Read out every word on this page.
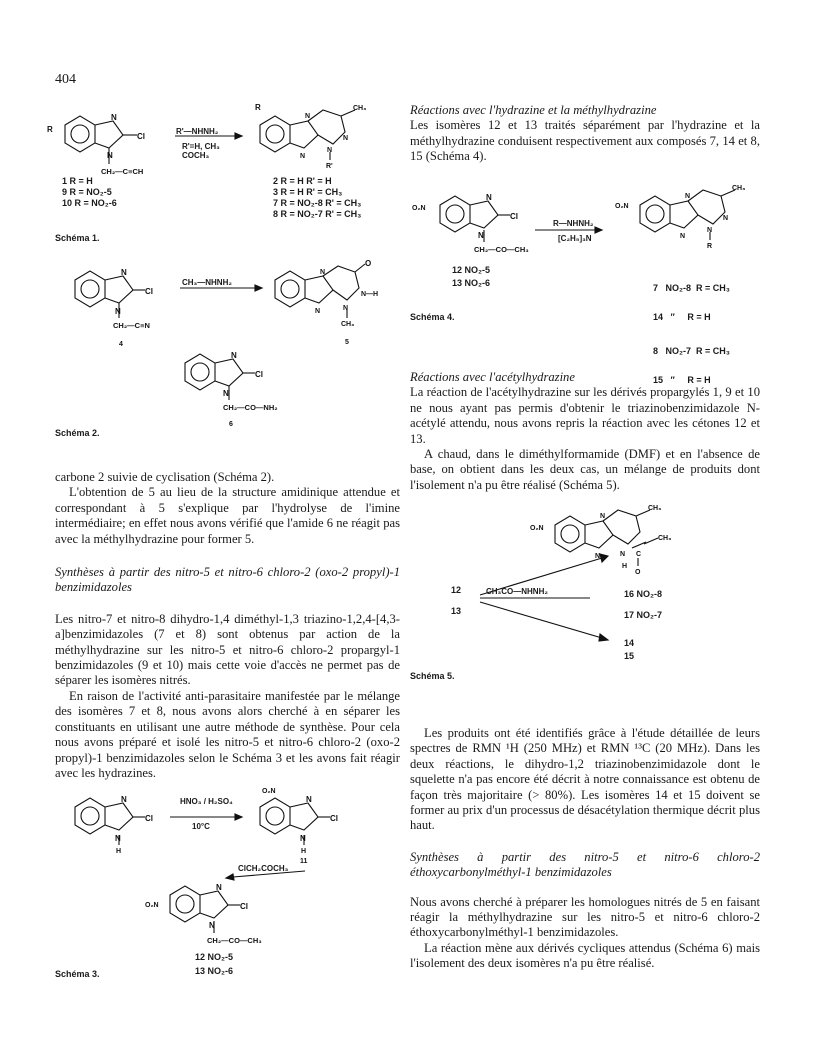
404
Cl
N
N
CH₂—C≡CH
R
CH₃
N
N
N
N
R'
R
R'—NHNH₂
R'=H, CH₃
COCH₃
1 R = H
9 R = NO₂-5
10 R = NO₂-6
2 R = H R' = H
3 R = H R' = CH₃
7 R = NO₂-8 R' = CH₃
8 R = NO₂-7 R' = CH₃
Schéma 1.
Cl
N
N
CH₂—C≡N
4
O
N
N	N
N—H
CH₃
5
Cl
N
N
CH₂—CO—NH₂
6
CH₃—NHNH₂
Schéma 2.

carbone 2 suivie de cyclisation (Schéma 2).

L'obtention de 5 au lieu de la structure amidinique attendue et correspondant à 5 s'explique par l'hydrolyse de l'imine intermédiaire; en effet nous avons vérifié que l'amide 6 ne réagit pas avec la méthylhydrazine pour former 5.

Synthèses à partir des nitro-5 et nitro-6 chloro-2 (oxo-2 propyl)-1 benzimidazoles

Les nitro-7 et nitro-8 dihydro-1,4 diméthyl-1,3 triazino-1,2,4-[4,3-a]benzimidazoles (7 et 8) sont obtenus par action de la méthylhydrazine sur les nitro-5 et nitro-6 chloro-2 propargyl-1 benzimidazoles (9 et 10) mais cette voie d'accès ne permet pas de séparer les isomères nitrés.

En raison de l'activité anti-parasitaire manifestée par le mélange des isomères 7 et 8, nous avons alors cherché à en séparer les constituants en utilisant une autre méthode de synthèse. Pour cela nous avons préparé et isolé les nitro-5 et nitro-6 chloro-2 (oxo-2 propyl)-1 benzimidazoles selon le Schéma 3 et les avons fait réagir avec les hydrazines.

Cl
N
N
H
Cl
N
N
O₂N
H
11
Cl
N
N
O₂N
CH₂—CO—CH₃
HNO₃ / H₂SO₄
10°C
ClCH₂COCH₃
12 NO₂-5
13 NO₂-6
Schéma 3.

Réactions avec l'hydrazine et la méthylhydrazine

Les isomères 12 et 13 traités séparément par l'hydrazine et la méthylhydrazine conduisent respectivement aux composés 7, 14 et 8, 15 (Schéma 4).

Cl
N
N
O₂N
CH₂—CO—CH₃
CH₃
N
N
N
N
R
O₂N
R—NHNH₂
[C₂H₅]₃N
12 NO₂-5
13 NO₂-6

	7   NO₂-8  R = CH₃

14   ″     R = H

8   NO₂-7  R = CH₃

15   ″     R = H

Schéma 4.

Réactions avec l'acétylhydrazine

La réaction de l'acétylhydrazine sur les dérivés propargylés 1, 9 et 10 ne nous ayant pas permis d'obtenir le triazinobenzimidazole N-acétylé attendu, nous avons repris la réaction avec les cétones 12 et 13.

A chaud, dans le diméthylformamide (DMF) et en l'absence de base, on obtient dans les deux cas, un mélange de produits dont l'isolement n'a pu être réalisé (Schéma 5).

CH₃
N
N	N C
CH₃
O
H
O₂N
CH₃CO—NHNH₂
12
13
16 NO₂-8
17 NO₂-7
14
15
Schéma 5.

Les produits ont été identifiés grâce à l'étude détaillée de leurs spectres de RMN ¹H (250 MHz) et RMN ¹³C (20 MHz). Dans les deux réactions, le dihydro-1,2 triazinobenzimidazole dont le squelette n'a pas encore été décrit à notre connaissance est obtenu de façon très majoritaire (> 80%). Les isomères 14 et 15 doivent se former au prix d'un processus de désacétylation thermique décrit plus haut.

Synthèses à partir des nitro-5 et nitro-6 chloro-2 éthoxycarbonylméthyl-1 benzimidazoles

Nous avons cherché à préparer les homologues nitrés de 5 en faisant réagir la méthylhydrazine sur les nitro-5 et nitro-6 chloro-2 éthoxycarbonylméthyl-1 benzimidazoles.

La réaction mène aux dérivés cycliques attendus (Schéma 6) mais l'isolement des deux isomères n'a pu être réalisé.
